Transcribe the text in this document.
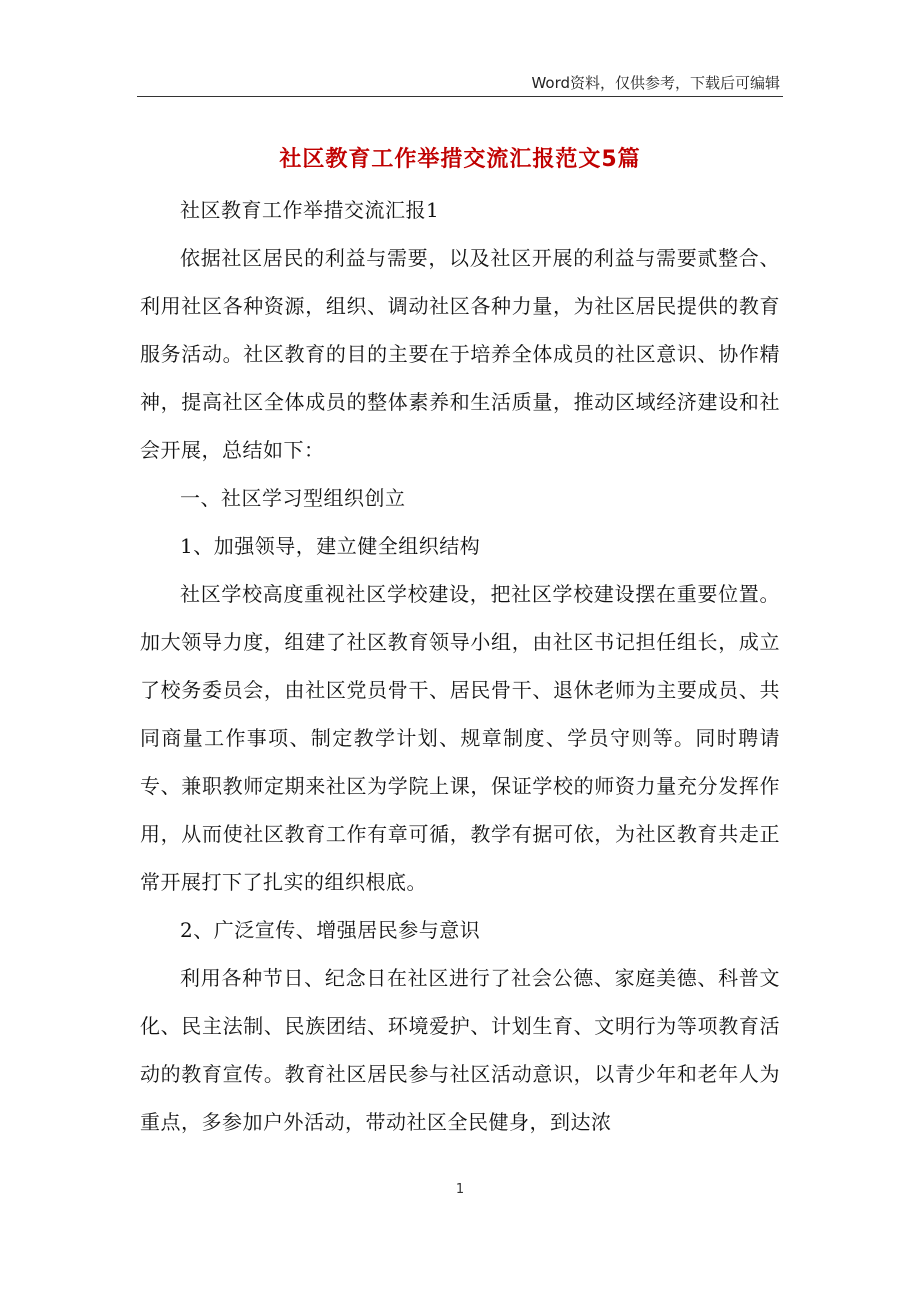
Word资料，仅供参考，下载后可编辑
社区教育工作举措交流汇报范文5篇

社区教育工作举措交流汇报1

依据社区居民的利益与需要，以及社区开展的利益与需要贰整合、利用社区各种资源，组织、调动社区各种力量，为社区居民提供的教育服务活动。社区教育的目的主要在于培养全体成员的社区意识、协作精神，提高社区全体成员的整体素养和生活质量，推动区域经济建设和社会开展，总结如下：

一、社区学习型组织创立

1、加强领导，建立健全组织结构

社区学校高度重视社区学校建设，把社区学校建设摆在重要位置。加大领导力度，组建了社区教育领导小组，由社区书记担任组长，成立了校务委员会，由社区党员骨干、居民骨干、退休老师为主要成员、共同商量工作事项、制定教学计划、规章制度、学员守则等。同时聘请专、兼职教师定期来社区为学院上课，保证学校的师资力量充分发挥作用，从而使社区教育工作有章可循，教学有据可依，为社区教育共走正常开展打下了扎实的组织根底。

2、广泛宣传、增强居民参与意识

利用各种节日、纪念日在社区进行了社会公德、家庭美德、科普文化、民主法制、民族团结、环境爱护、计划生育、文明行为等项教育活动的教育宣传。教育社区居民参与社区活动意识，以青少年和老年人为重点，多参加户外活动，带动社区全民健身，到达浓

1
